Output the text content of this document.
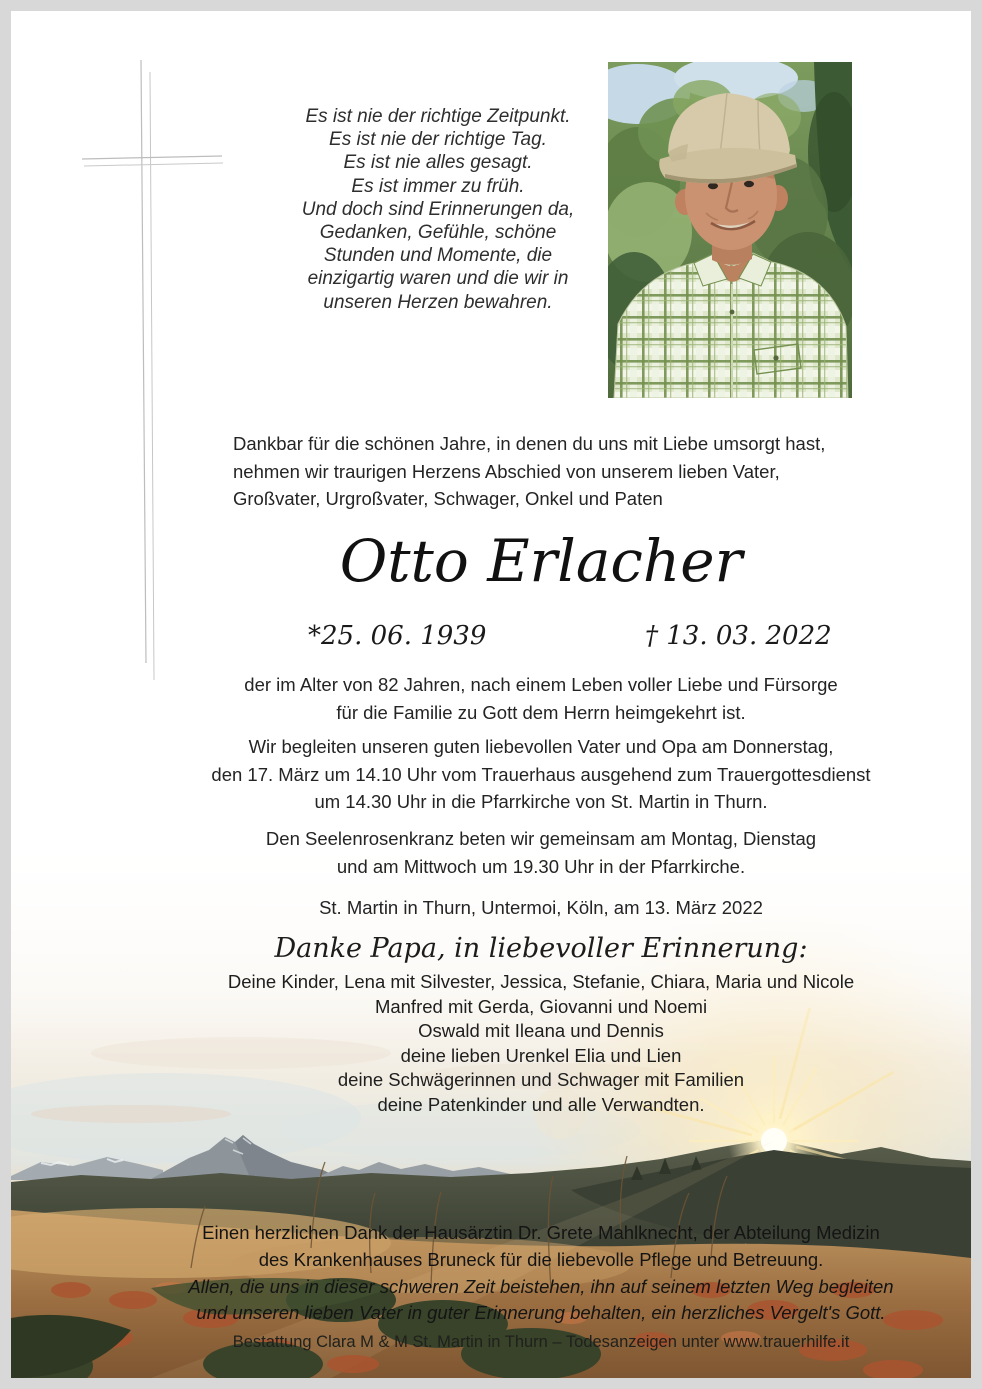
Es ist nie der richtige Zeitpunkt.
Es ist nie der richtige Tag.
Es ist nie alles gesagt.
Es ist immer zu früh.
Und doch sind Erinnerungen da,
Gedanken, Gefühle, schöne
Stunden und Momente, die
einzigartig waren und die wir in
unseren Herzen bewahren.
Dankbar für die schönen Jahre, in denen du uns mit Liebe umsorgt hast,
nehmen wir traurigen Herzens Abschied von unserem lieben Vater,
Großvater, Urgroßvater, Schwager, Onkel und Paten
Otto Erlacher
*25. 06. 1939	† 13. 03. 2022
der im Alter von 82 Jahren, nach einem Leben voller Liebe und Fürsorge
für die Familie zu Gott dem Herrn heimgekehrt ist.
Wir begleiten unseren guten liebevollen Vater und Opa am Donnerstag,
den 17. März um 14.10 Uhr vom Trauerhaus ausgehend zum Trauergottesdienst
um 14.30 Uhr in die Pfarrkirche von St. Martin in Thurn.
Den Seelenrosenkranz beten wir gemeinsam am Montag, Dienstag
und am Mittwoch um 19.30 Uhr in der Pfarrkirche.
St. Martin in Thurn, Untermoi, Köln, am 13. März 2022
Danke Papa, in liebevoller Erinnerung:
Deine Kinder, Lena mit Silvester, Jessica, Stefanie, Chiara, Maria und Nicole
Manfred mit Gerda, Giovanni und Noemi
Oswald mit Ileana und Dennis
deine lieben Urenkel Elia und Lien
deine Schwägerinnen und Schwager mit Familien
deine Patenkinder und alle Verwandten.
Einen herzlichen Dank der Hausärztin Dr. Grete Mahlknecht, der Abteilung Medizin
des Krankenhauses Bruneck für die liebevolle Pflege und Betreuung.
Allen, die uns in dieser schweren Zeit beistehen, ihn auf seinem letzten Weg begleiten
und unseren lieben Vater in guter Erinnerung behalten, ein herzliches Vergelt's Gott.
Bestattung Clara M & M St. Martin in Thurn – Todesanzeigen unter www.trauerhilfe.it
